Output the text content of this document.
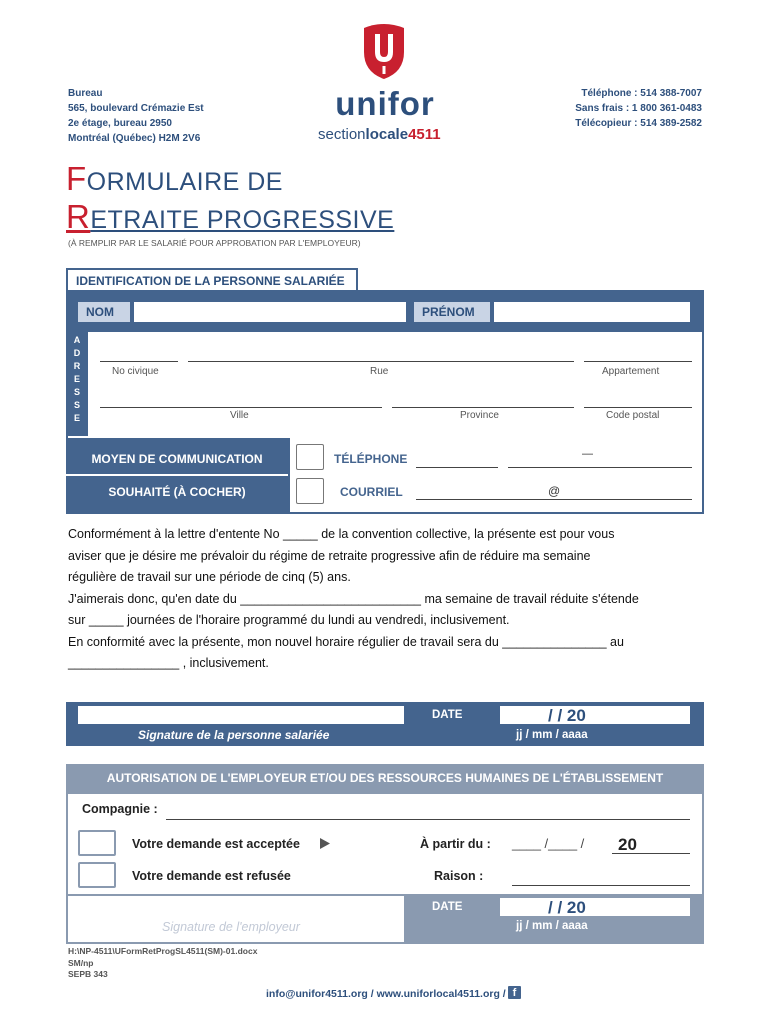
Bureau
565, boulevard Crémazie Est
2e étage, bureau 2950
Montréal (Québec) H2M 2V6
unifor
sectionlocale4511
Téléphone : 514 388-7007
Sans frais : 1 800 361-0483
Télécopieur : 514 389-2582
FORMULAIRE DE
RETRAITE PROGRESSIVE
(À REMPLIR PAR LE SALARIÉ POUR APPROBATION PAR L'EMPLOYEUR)
IDENTIFICATION DE LA PERSONNE SALARIÉE
NOM	PRÉNOM
A
D
R
E
S
S
E
No civique	Rue	Appartement
Ville	Province	Code postal
MOYEN DE COMMUNICATION
SOUHAITÉ (À COCHER)
TÉLÉPHONE	—
COURRIEL	@
Conformément à la lettre d'entente No _____ de la convention collective, la présente est pour vous
aviser que je désire me prévaloir du régime de retraite progressive afin de réduire ma semaine
régulière de travail sur une période de cinq (5) ans.
J'aimerais donc, qu'en date du __________________________ ma semaine de travail réduite s'étende
sur _____ journées de l'horaire programmé du lundi au vendredi, inclusivement.
En conformité avec la présente, mon nouvel horaire régulier de travail sera du _______________ au
________________ , inclusivement.
Signature de la personne salariée
DATE	/ / 20
jj / mm / aaaa
AUTORISATION DE L'EMPLOYEUR ET/OU DES RESSOURCES HUMAINES DE L'ÉTABLISSEMENT
Compagnie :
Votre demande est acceptée	À partir du : ____ /____ / 20
Votre demande est refusée	Raison :
Signature de l'employeur
DATE	/ / 20
jj / mm / aaaa
H:\NP-4511\UFormRetProgSL4511(SM)-01.docx
SM/np
SEPB 343
info@unifor4511.org / www.uniforlocal4511.org / f
